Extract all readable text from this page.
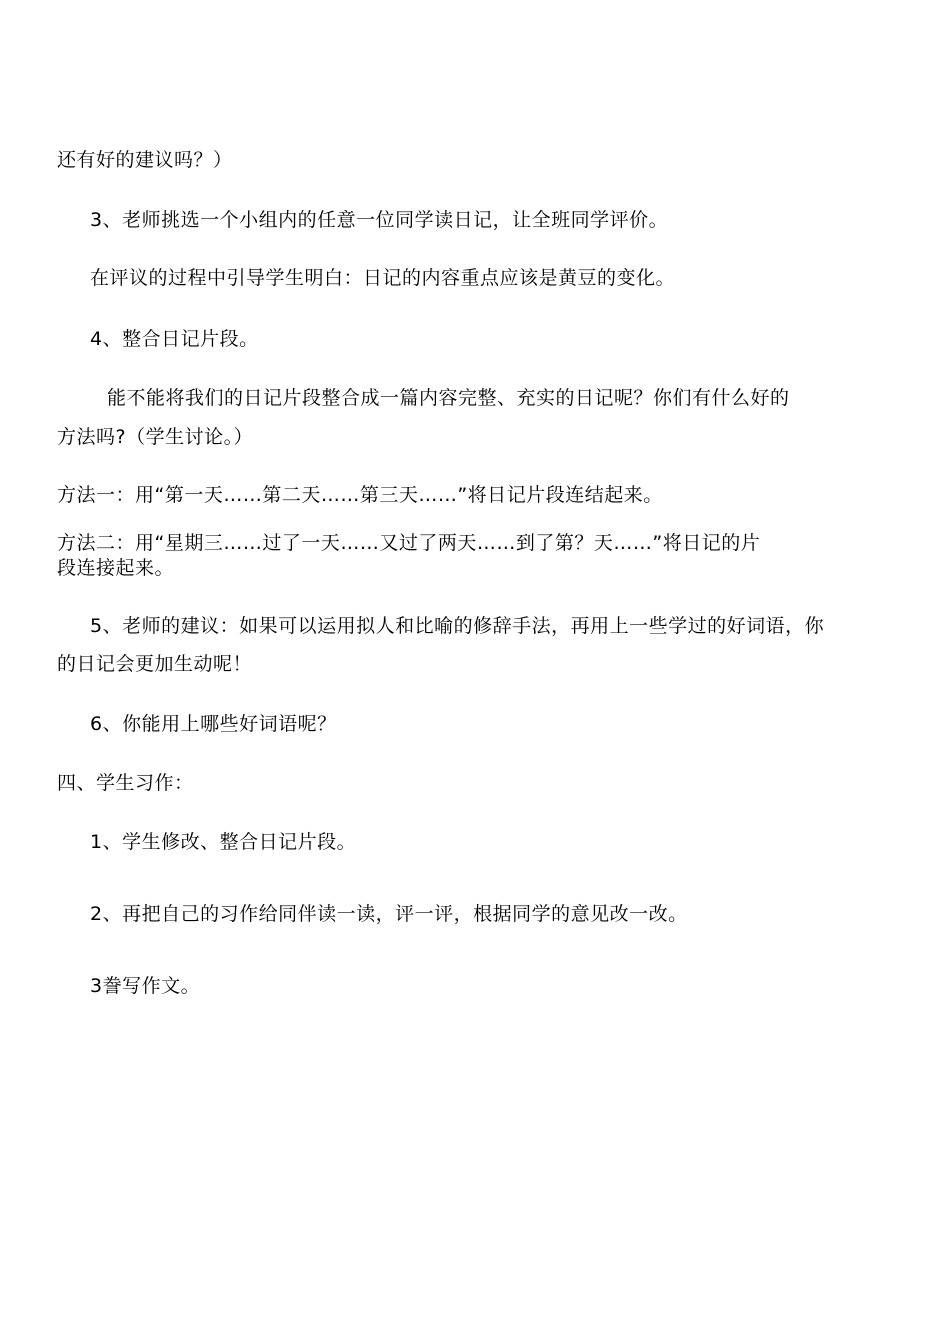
还有好的建议吗？）
3、老师挑选一个小组内的任意一位同学读日记，让全班同学评价。
在评议的过程中引导学生明白：日记的内容重点应该是黄豆的变化。
4、整合日记片段。
能不能将我们的日记片段整合成一篇内容完整、充实的日记呢？你们有什么好的
方法吗?（学生讨论。）
方法一：用“第一天……第二天……第三天……”将日记片段连结起来。
方法二：用“星期三……过了一天……又过了两天……到了第？天……”将日记的片
段连接起来。
5、老师的建议：如果可以运用拟人和比喻的修辞手法，再用上一些学过的好词语，你
的日记会更加生动呢！
6、你能用上哪些好词语呢？
四、学生习作：
1、学生修改、整合日记片段。
2、再把自己的习作给同伴读一读，评一评，根据同学的意见改一改。
3誊写作文。
